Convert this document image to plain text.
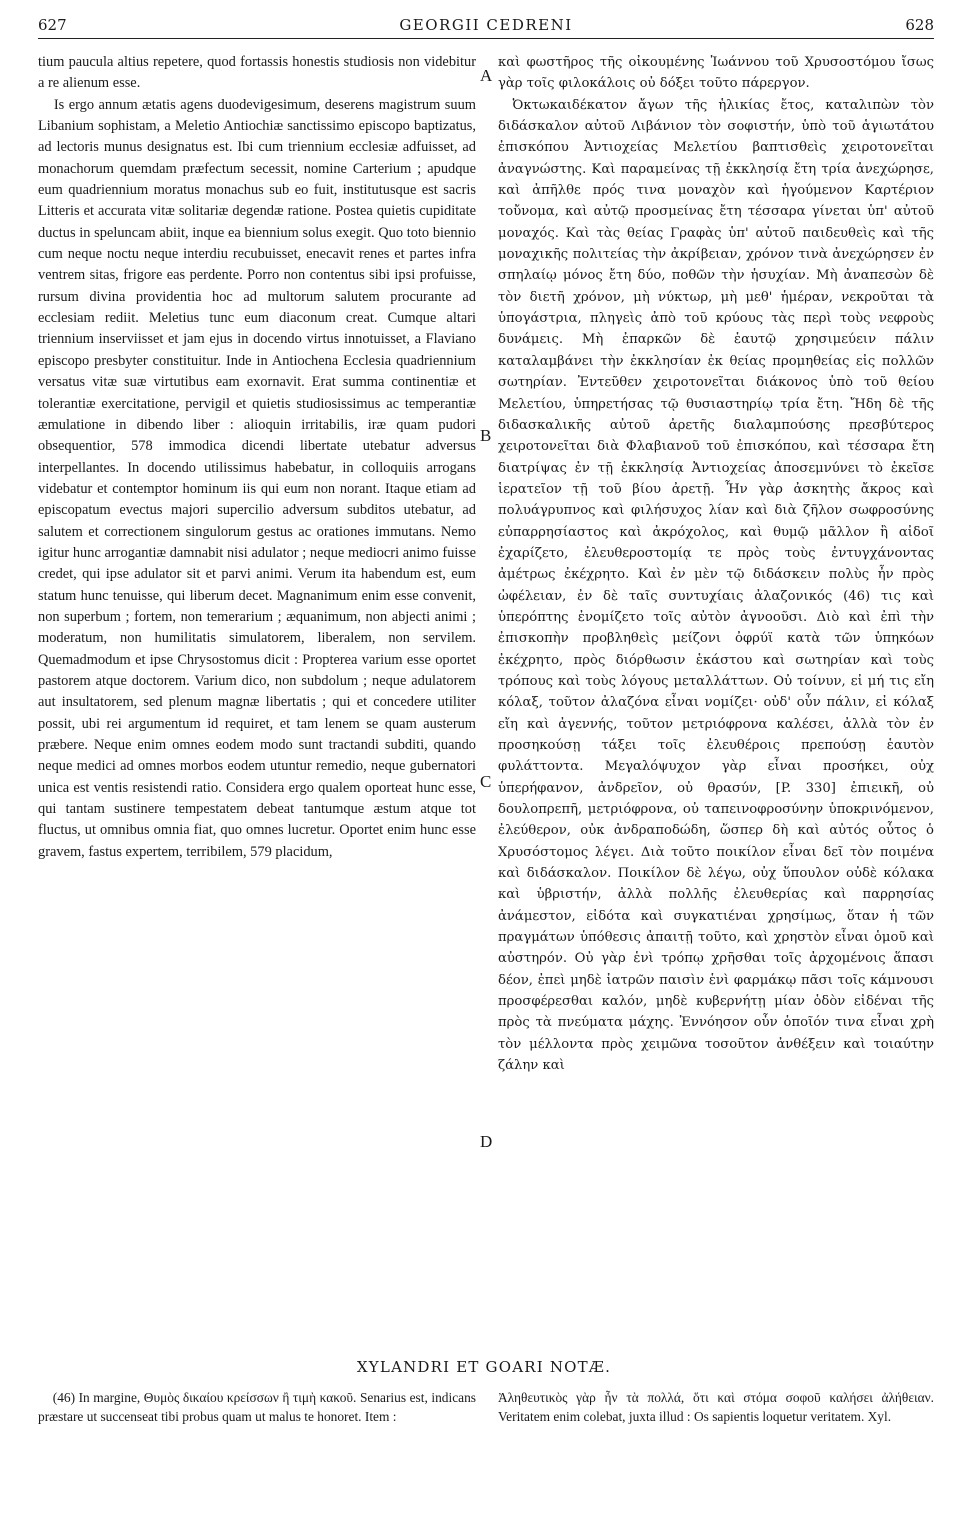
627	GEORGII CEDRENI	628

tium paucula altius repetere, quod fortassis honestis studiosis non videbitur a re alienum esse.

Is ergo annum ætatis agens duodevigesimum, deserens magistrum suum Libanium sophistam, a Meletio Antiochiæ sanctissimo episcopo baptizatus, ad lectoris munus designatus est. Ibi cum triennium ecclesiæ adfuisset, ad monachorum quemdam præfectum secessit, nomine Carterium ; apudque eum quadriennium moratus monachus sub eo fuit, institutusque est sacris Litteris et accurata vitæ solitariæ degendæ ratione. Postea quietis cupiditate ductus in speluncam abiit, inque ea biennium solus exegit. Quo toto biennio cum neque noctu neque interdiu recubuisset, enecavit renes et partes infra ventrem sitas, frigore eas perdente. Porro non contentus sibi ipsi profuisse, rursum divina providentia hoc ad multorum salutem procurante ad ecclesiam rediit. Meletius tunc eum diaconum creat. Cumque altari triennium inserviisset et jam ejus in docendo virtus innotuisset, a Flaviano episcopo presbyter constituitur. Inde in Antiochena Ecclesia quadriennium versatus vitæ suæ virtutibus eam exornavit. Erat summa continentiæ et tolerantiæ exercitatione, pervigil et quietis studiosissimus ac temperantiæ æmulatione in dibendo liber : alioquin irritabilis, iræ quam pudori obsequentior, 578 immodica dicendi libertate utebatur adversus interpellantes. In docendo utilissimus habebatur, in colloquiis arrogans videbatur et contemptor hominum iis qui eum non norant. Itaque etiam ad episcopatum evectus majori supercilio adversum subditos utebatur, ad salutem et correctionem singulorum gestus ac orationes immutans. Nemo igitur hunc arrogantiæ damnabit nisi adulator ; neque mediocri animo fuisse credet, qui ipse adulator sit et parvi animi. Verum ita habendum est, eum statum hunc tenuisse, qui liberum decet. Magnanimum enim esse convenit, non superbum ; fortem, non temerarium ; æquanimum, non abjecti animi ; moderatum, non humilitatis simulatorem, liberalem, non servilem. Quemadmodum et ipse Chrysostomus dicit : Propterea varium esse oportet pastorem atque doctorem. Varium dico, non subdolum ; neque adulatorem aut insultatorem, sed plenum magnæ libertatis ; qui et concedere utiliter possit, ubi rei argumentum id requiret, et tam lenem se quam austerum præbere. Neque enim omnes eodem modo sunt tractandi subditi, quando neque medici ad omnes morbos eodem utuntur remedio, neque gubernatori unica est ventis resistendi ratio. Considera ergo qualem oporteat hunc esse, qui tantam sustinere tempestatem debeat tantumque æstum atque tot fluctus, ut omnibus omnia fiat, quo omnes lucretur. Oportet enim hunc esse gravem, fastus expertem, terribilem, 579 placidum,

A
B
C
D

καὶ φωστῆρος τῆς οἰκουμένης Ἰωάννου τοῦ Χρυσοστόμου ἴσως γὰρ τοῖς φιλοκάλοις οὐ δόξει τοῦτο πάρεργον.

Ὀκτωκαιδέκατον ἄγων τῆς ἡλικίας ἔτος, καταλιπὼν τὸν διδάσκαλον αὐτοῦ Λιβάνιον τὸν σοφιστήν, ὑπὸ τοῦ ἁγιωτάτου ἐπισκόπου Ἀντιοχείας Μελετίου βαπτισθεὶς χειροτονεῖται ἀναγνώστης. Καὶ παραμείνας τῇ ἐκκλησίᾳ ἔτη τρία ἀνεχώρησε, καὶ ἀπῆλθε πρός τινα μοναχὸν καὶ ἡγούμενον Καρτέριον τοὔνομα, καὶ αὐτῷ προσμείνας ἔτη τέσσαρα γίνεται ὑπ' αὐτοῦ μοναχός. Καὶ τὰς θείας Γραφὰς ὑπ' αὐτοῦ παιδευθεὶς καὶ τῆς μοναχικῆς πολιτείας τὴν ἀκρίβειαν, χρόνον τινὰ ἀνεχώρησεν ἐν σπηλαίῳ μόνος ἔτη δύο, ποθῶν τὴν ἡσυχίαν. Μὴ ἀναπεσὼν δὲ τὸν διετῆ χρόνον, μὴ νύκτωρ, μὴ μεθ' ἡμέραν, νεκροῦται τὰ ὑπογάστρια, πληγεὶς ἀπὸ τοῦ κρύους τὰς περὶ τοὺς νεφροὺς δυνάμεις. Μὴ ἐπαρκῶν δὲ ἑαυτῷ χρησιμεύειν πάλιν καταλαμβάνει τὴν ἐκκλησίαν ἐκ θείας προμηθείας εἰς πολλῶν σωτηρίαν. Ἐντεῦθεν χειροτονεῖται διάκονος ὑπὸ τοῦ θείου Μελετίου, ὑπηρετήσας τῷ θυσιαστηρίῳ τρία ἔτη. Ἤδη δὲ τῆς διδασκαλικῆς αὐτοῦ ἀρετῆς διαλαμπούσης πρεσβύτερος χειροτονεῖται διὰ Φλαβιανοῦ τοῦ ἐπισκόπου, καὶ τέσσαρα ἔτη διατρίψας ἐν τῇ ἐκκλησίᾳ Ἀντιοχείας ἀποσεμνύνει τὸ ἐκεῖσε ἱερατεῖον τῇ τοῦ βίου ἀρετῇ. Ἦν γὰρ ἀσκητὴς ἄκρος καὶ πολυάγρυπνος καὶ φιλήσυχος λίαν καὶ διὰ ζῆλον σωφροσύνης εὐπαρρησίαστος καὶ ἀκρόχολος, καὶ θυμῷ μᾶλλον ἢ αἰδοῖ ἐχαρίζετο, ἐλευθεροστομίᾳ τε πρὸς τοὺς ἐντυγχάνοντας ἀμέτρως ἐκέχρητο. Καὶ ἐν μὲν τῷ διδάσκειν πολὺς ἦν πρὸς ὠφέλειαν, ἐν δὲ ταῖς συντυχίαις ἀλαζονικός (46) τις καὶ ὑπερόπτης ἐνομίζετο τοῖς αὐτὸν ἀγνοοῦσι. Διὸ καὶ ἐπὶ τὴν ἐπισκοπὴν προβληθεὶς μείζονι ὀφρύϊ κατὰ τῶν ὑπηκόων ἐκέχρητο, πρὸς διόρθωσιν ἑκάστου καὶ σωτηρίαν καὶ τοὺς τρόπους καὶ τοὺς λόγους μεταλλάττων. Οὐ τοίνυν, εἰ μή τις εἴη κόλαξ, τοῦτον ἀλαζόνα εἶναι νομίζει· οὐδ' οὖν πάλιν, εἰ κόλαξ εἴη καὶ ἀγεννής, τοῦτον μετριόφρονα καλέσει, ἀλλὰ τὸν ἐν προσηκούσῃ τάξει τοῖς ἐλευθέροις πρεπούσῃ ἑαυτὸν φυλάττοντα. Μεγαλόψυχον γὰρ εἶναι προσήκει, οὐχ ὑπερήφανον, ἀνδρεῖον, οὐ θρασύν, [P. 330] ἐπιεικῆ, οὐ δουλοπρεπῆ, μετριόφρονα, οὐ ταπεινοφροσύνην ὑποκρινόμενον, ἐλεύθερον, οὐκ ἀνδραποδώδη, ὥσπερ δὴ καὶ αὐτός οὗτος ὁ Χρυσόστομος λέγει. Διὰ τοῦτο ποικίλον εἶναι δεῖ τὸν ποιμένα καὶ διδάσκαλον. Ποικίλον δὲ λέγω, οὐχ ὕπουλον οὐδὲ κόλακα καὶ ὑβριστήν, ἀλλὰ πολλῆς ἐλευθερίας καὶ παρρησίας ἀνάμεστον, εἰδότα καὶ συγκατιέναι χρησίμως, ὅταν ἡ τῶν πραγμάτων ὑπόθεσις ἀπαιτῇ τοῦτο, καὶ χρηστὸν εἶναι ὁμοῦ καὶ αὐστηρόν. Οὐ γὰρ ἑνὶ τρόπῳ χρῆσθαι τοῖς ἀρχομένοις ἅπασι δέον, ἐπεὶ μηδὲ ἰατρῶν παισὶν ἑνὶ φαρμάκῳ πᾶσι τοῖς κάμνουσι προσφέρεσθαι καλόν, μηδὲ κυβερνήτῃ μίαν ὁδὸν εἰδέναι τῆς πρὸς τὰ πνεύματα μάχης. Ἐννόησον οὖν ὁποῖόν τινα εἶναι χρὴ τὸν μέλλοντα πρὸς χειμῶνα τοσοῦτον ἀνθέξειν καὶ τοιαύτην ζάλην καὶ

XYLANDRI ET GOARI NOTÆ.

(46) In margine, Θυμὸς δικαίου κρείσσων ἢ τιμὴ κακοῦ. Senarius est, indicans præstare ut succenseat tibi probus quam ut malus te honoret. Item :

Ἀληθευτικὸς γὰρ ἦν τὰ πολλά, ὅτι καὶ στόμα σοφοῦ καλήσει ἀλήθειαν. Veritatem enim colebat, juxta illud : Os sapientis loquetur veritatem. Xyl.
